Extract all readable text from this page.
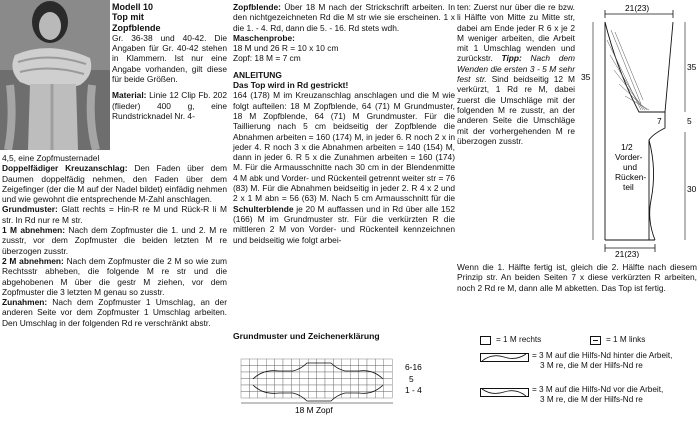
Modell 10

Top mit

Zopfblende

Gr. 36-38 und 40-42. Die Angaben für Gr. 40-42 stehen in Klammern. Ist nur eine Angabe vorhanden, gilt diese für beide Größen.

Material: Linie 12 Clip Fb. 202 (flieder) 400 g, eine Rundstricknadel Nr. 4-

4,5, eine Zopfmusternadel

Doppelfädiger Kreuzanschlag: Den Faden über dem Daumen doppelfädig nehmen, den Faden über dem Zeigefinger (der die M auf der Nadel bildet) einfädig nehmen und wie gewohnt die entsprechende M-Zahl anschlagen.

Grundmuster: Glatt rechts = Hin-R re M und Rück-R li M str. In Rd nur re M str.

1 M abnehmen: Nach dem Zopfmuster die 1. und 2. M re zusstr, vor dem Zopfmuster die beiden letzten M re überzogen zusstr.

2 M abnehmen: Nach dem Zopfmuster die 2 M so wie zum Rechtsstr abheben, die folgende M re str und die abgehobenen M über die gestr M ziehen, vor dem Zopfmuster die 3 letzten M genau so zusstr.

Zunahmen: Nach dem Zopfmuster 1 Umschlag, an der anderen Seite vor dem Zopfmuster 1 Umschlag arbeiten. Den Umschlag in der folgenden Rd re verschränkt abstr.

Zopfblende: Über 18 M nach der Strickschrift arbeiten. In den nichtgezeichneten Rd die M str wie sie erscheinen. 1 x die 1. - 4. Rd, dann die 5. - 16. Rd stets wdh.

Maschenprobe:

18 M und 26 R = 10 x 10 cm

Zopf: 18 M = 7 cm

ANLEITUNG

Das Top wird in Rd gestrickt!

164 (178) M im Kreuzanschlag anschlagen und die M wie folgt aufteilen: 18 M Zopfblende, 64 (71) M Grundmuster, 18 M Zopfblende, 64 (71) M Grundmuster. Für die Taillierung nach 5 cm beidseitig der Zopfblende die Abnahmen arbeiten = 160 (174) M, in jeder 6. R noch 2 x in jeder 4. R noch 3 x die Abnahmen arbeiten = 140 (154) M, dann in jeder 6. R 5 x die Zunahmen arbeiten = 160 (174) M. Für die Armausschnitte nach 30 cm in der Blendenmitte 4 M abk und Vorder- und Rückenteil getrennt weiter str = 76 (83) M. Für die Abnahmen beidseitig in jeder 2. R 4 x 2 und 2 x 1 M abn = 56 (63) M. Nach 5 cm Armausschnitt für die Schulterblende je 20 M auffassen und in Rd über alle 152 (166) M im Grundmuster str. Für die verkürzten R die mittleren 2 M von Vorder- und Rückenteil kennzeichnen und beidseitig wie folgt arbei-

ten: Zuerst nur über die re bzw. li Hälfte von Mitte zu Mitte str, dabei am Ende jeder R 6 x je 2 M weniger arbeiten, die Arbeit mit 1 Umschlag wenden und zurückstr. Tipp: Nach dem Wenden die ersten 3 - 5 M sehr fest str. Sind beidseitig 12 M verkürzt, 1 Rd re M, dabei zuerst die Umschläge mit der folgenden M re zusstr, an der anderen Seite die Umschläge mit der vorhergehenden M re überzogen zusstr.

Wenn die 1. Hälfte fertig ist, gleich die 2. Hälfte nach diesem Prinzip str. An beiden Seiten 7 x diese verkürzten R arbeiten, noch 2 Rd re M, dann alle M abketten. Das Top ist fertig.

21(23)
21(23)
35
35
5
7
30
1/2
Vorder-
und
Rücken-
teil
Grundmuster und Zeichenerklärung	= 1 M rechts	= 1 M links
= 3 M auf die Hilfs-Nd hinter die Arbeit,
3 M re, die M der Hilfs-Nd re
= 3 M auf die Hilfs-Nd vor die Arbeit,
3 M re, die M der Hilfs-Nd re
18 M Zopf
6-16
5
1 - 4
